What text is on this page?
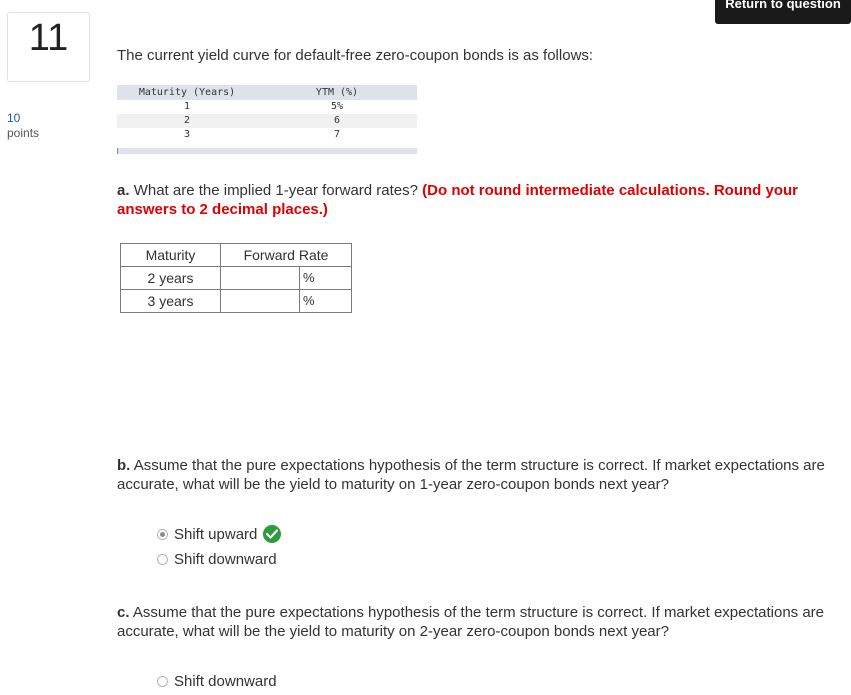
Return to question
11
10
points
The current yield curve for default-free zero-coupon bonds is as follows:
Maturity (Years)	YTM (%)
1	5%
2	6
3	7
a. What are the implied 1-year forward rates? (Do not round intermediate calculations. Round your answers to 2 decimal places.)
Maturity	Forward Rate
2 years	%

3 years	%
b. Assume that the pure expectations hypothesis of the term structure is correct. If market expectations are accurate, what will be the yield to maturity on 1-year zero-coupon bonds next year?
Shift upward
Shift downward
c. Assume that the pure expectations hypothesis of the term structure is correct. If market expectations are accurate, what will be the yield to maturity on 2-year zero-coupon bonds next year?
Shift downward
